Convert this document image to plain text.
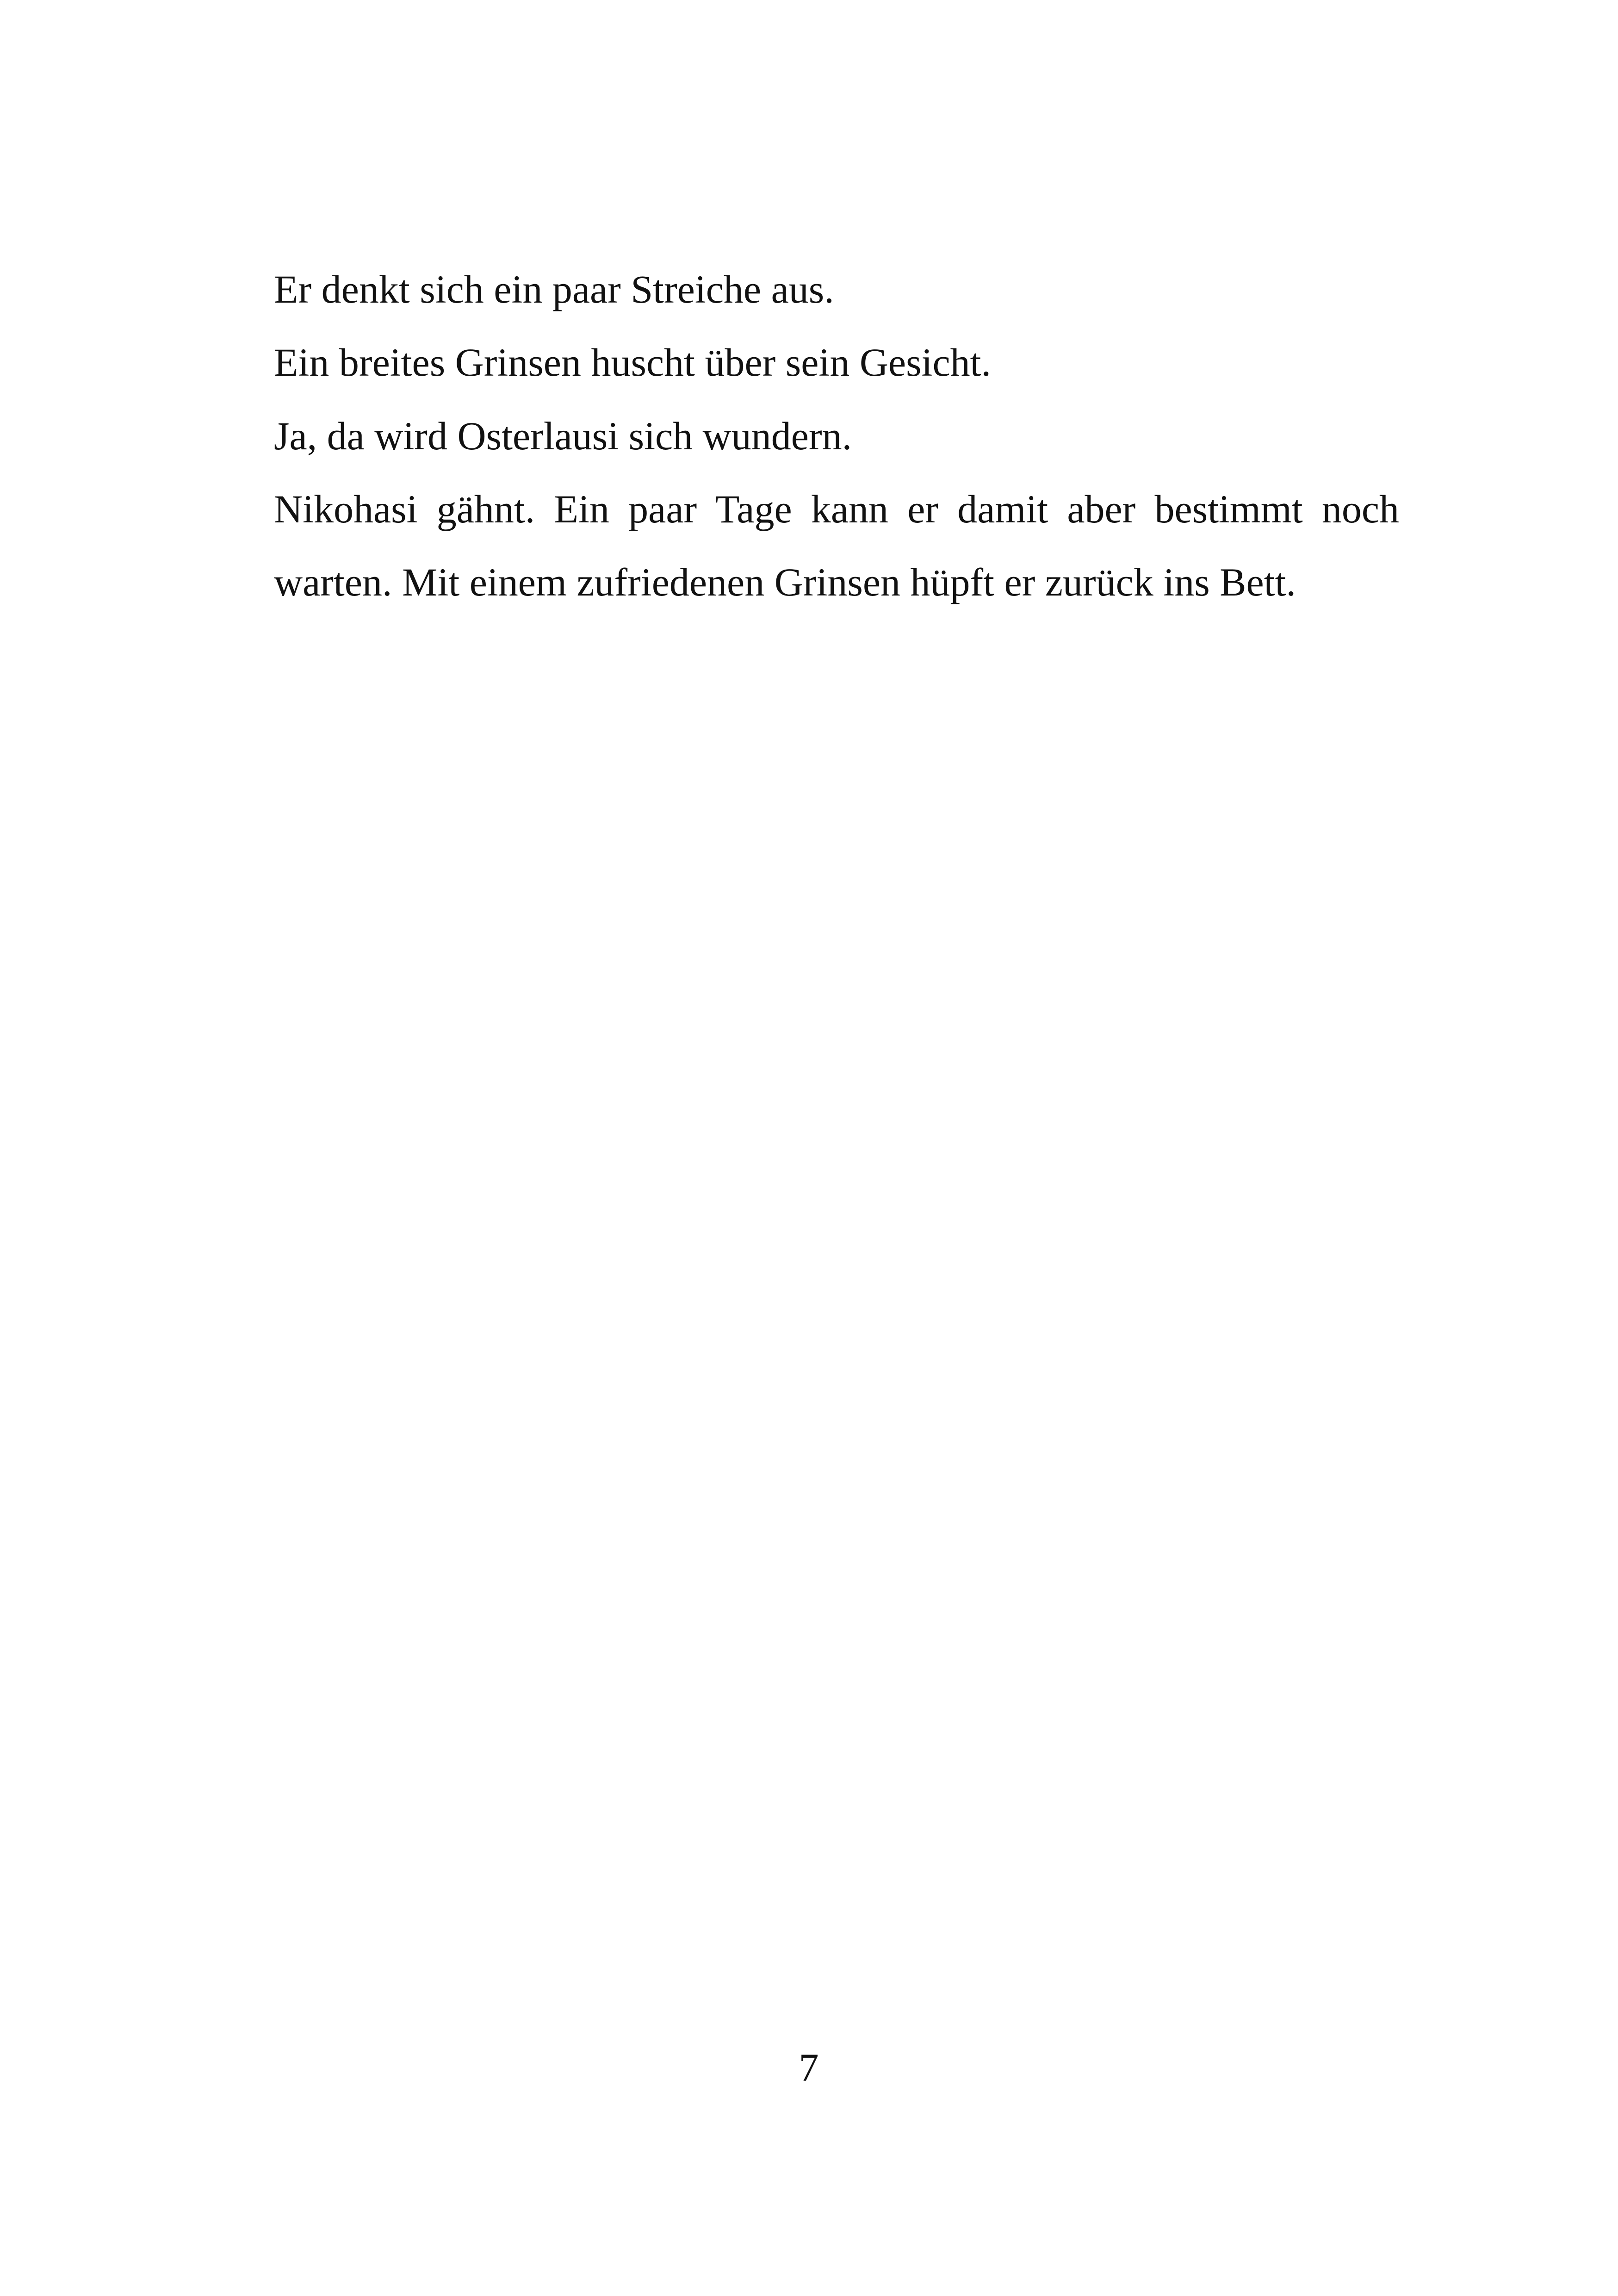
Er denkt sich ein paar Streiche aus.
Ein breites Grinsen huscht über sein Gesicht.
Ja, da wird Osterlausi sich wundern.
Nikohasi gähnt. Ein paar Tage kann er damit aber bestimmt noch
warten. Mit einem zufriedenen Grinsen hüpft er zurück ins Bett.
7
